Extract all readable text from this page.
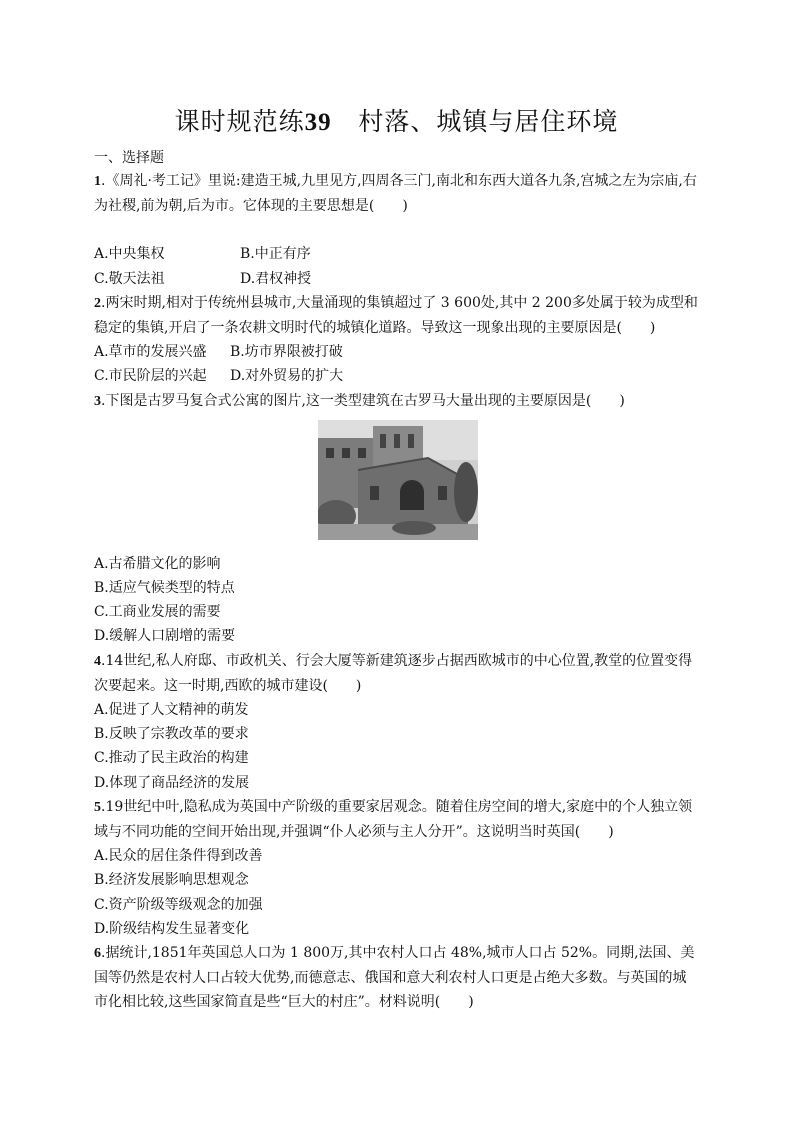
课时规范练39 村落、城镇与居住环境
一、选择题

1.《周礼·考工记》里说:建造王城,九里见方,四周各三门,南北和东西大道各九条,宫城之左为宗庙,右为社稷,前为朝,后为市。它体现的主要思想是(　　)

A.中央集权	B.中正有序
C.敬天法祖	D.君权神授

2.两宋时期,相对于传统州县城市,大量涌现的集镇超过了 3 600处,其中 2 200多处属于较为成型和稳定的集镇,开启了一条农耕文明时代的城镇化道路。导致这一现象出现的主要原因是(　　)

A.草市的发展兴盛	B.坊市界限被打破
C.市民阶层的兴起	D.对外贸易的扩大

3.下图是古罗马复合式公寓的图片,这一类型建筑在古罗马大量出现的主要原因是(　　)

A.古希腊文化的影响
B.适应气候类型的特点
C.工商业发展的需要
D.缓解人口剧增的需要

4.14世纪,私人府邸、市政机关、行会大厦等新建筑逐步占据西欧城市的中心位置,教堂的位置变得次要起来。这一时期,西欧的城市建设(　　)

A.促进了人文精神的萌发
B.反映了宗教改革的要求
C.推动了民主政治的构建
D.体现了商品经济的发展

5.19世纪中叶,隐私成为英国中产阶级的重要家居观念。随着住房空间的增大,家庭中的个人独立领域与不同功能的空间开始出现,并强调“仆人必须与主人分开”。这说明当时英国(　　)

A.民众的居住条件得到改善
B.经济发展影响思想观念
C.资产阶级等级观念的加强
D.阶级结构发生显著变化

6.据统计,1851年英国总人口为 1 800万,其中农村人口占 48%,城市人口占 52%。同期,法国、美国等仍然是农村人口占较大优势,而德意志、俄国和意大利农村人口更是占绝大多数。与英国的城市化相比较,这些国家简直是些“巨大的村庄”。材料说明(　　)
